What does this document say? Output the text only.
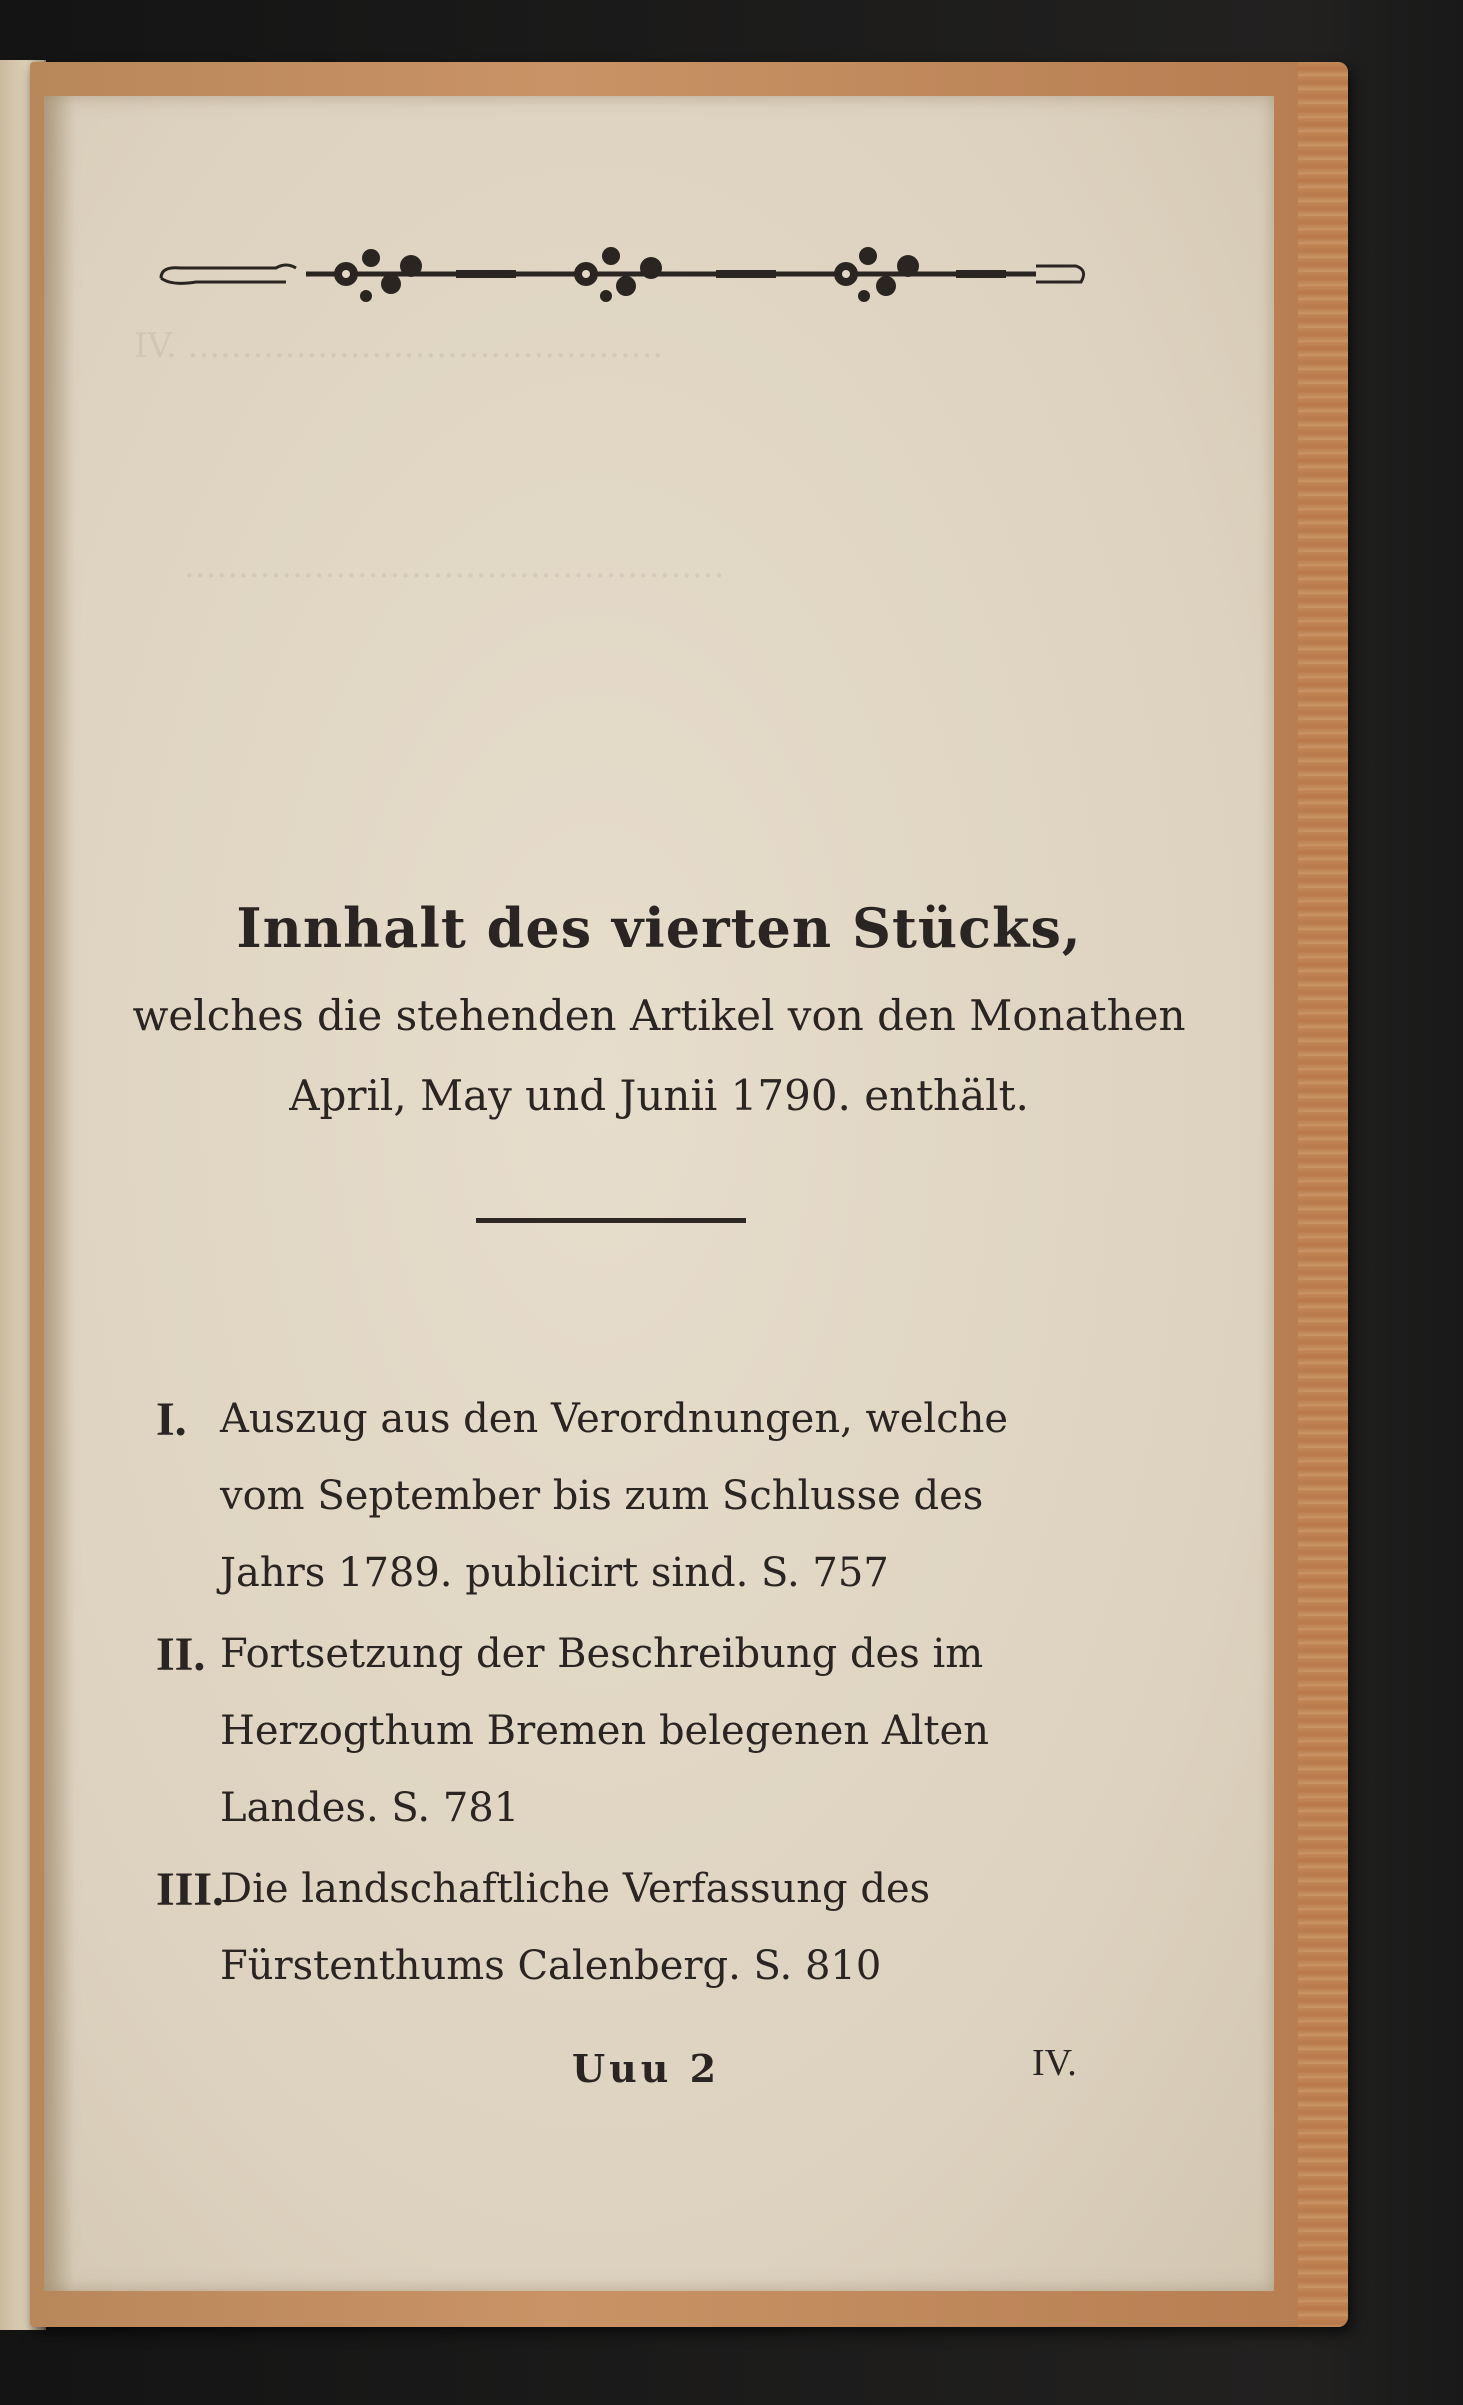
IV. ............................................
..................................................
Innhalt des vierten Stücks,
welches die stehenden Artikel von den Monathen
April, May und Junii 1790. enthält.
I. Auszug aus den Verordnungen, welche vom September bis zum Schlusse des Jahrs 1789. publicirt sind. S. 757
II. Fortsetzung der Beschreibung des im Herzogthum Bremen belegenen Alten Landes. S. 781
III.
Die landschaftliche Verfassung des Fürstenthums Calenberg. S. 810
Uuu 2	IV.
